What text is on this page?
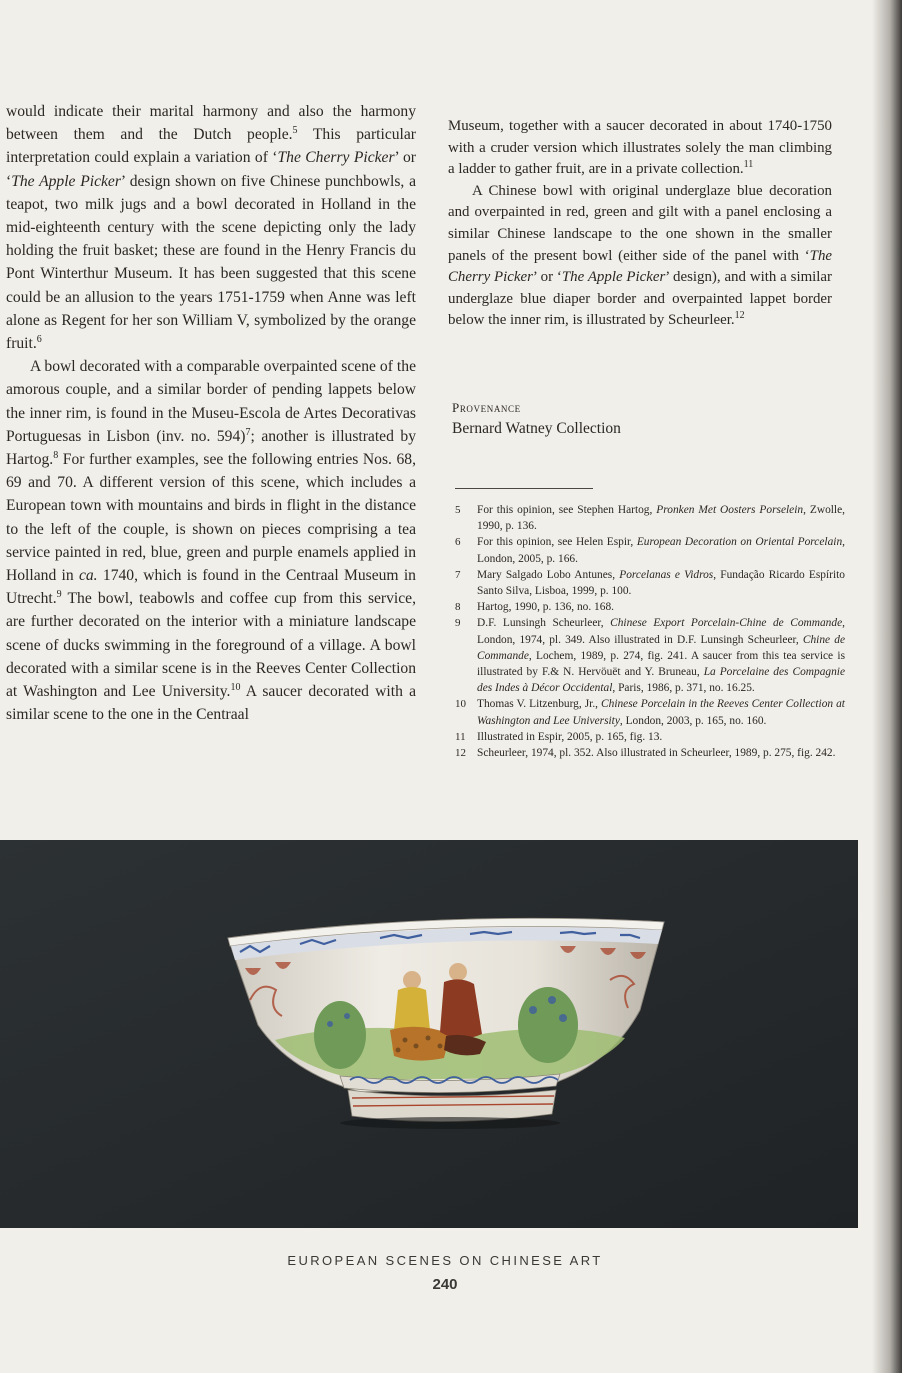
would indicate their marital harmony and also the harmony between them and the Dutch people.$^5$ This particular interpretation could explain a variation of ‘The Cherry Picker’ or ‘The Apple Picker’ design shown on five Chinese punchbowls, a teapot, two milk jugs and a bowl decorated in Holland in the mid-eighteenth century with the scene depicting only the lady holding the fruit basket; these are found in the Henry Francis du Pont Winterthur Museum. It has been suggested that this scene could be an allusion to the years 1751-1759 when Anne was left alone as Regent for her son William V, symbolized by the orange fruit.$^6$

A bowl decorated with a comparable overpainted scene of the amorous couple, and a similar border of pending lappets below the inner rim, is found in the Museu-Escola de Artes Decorativas Portuguesas in Lisbon (inv. no. 594)$^7$; another is illustrated by Hartog.$^8$ For further examples, see the following entries Nos. 68, 69 and 70. A different version of this scene, which includes a European town with mountains and birds in flight in the distance to the left of the couple, is shown on pieces comprising a tea service painted in red, blue, green and purple enamels applied in Holland in ca. 1740, which is found in the Centraal Museum in Utrecht.$^9$ The bowl, teabowls and coffee cup from this service, are further decorated on the interior with a miniature landscape scene of ducks swimming in the foreground of a village. A bowl decorated with a similar scene is in the Reeves Center Collection at Washington and Lee University.$^{10}$ A saucer decorated with a similar scene to the one in the Centraal

Museum, together with a saucer decorated in about 1740-1750 with a cruder version which illustrates solely the man climbing a ladder to gather fruit, are in a private collection.$^{11}$

A Chinese bowl with original underglaze blue decoration and overpainted in red, green and gilt with a panel enclosing a similar Chinese landscape to the one shown in the smaller panels of the present bowl (either side of the panel with ‘The Cherry Picker’ or ‘The Apple Picker’ design), and with a similar underglaze blue diaper border and overpainted lappet border below the inner rim, is illustrated by Scheurleer.$^{12}$

Provenance
Bernard Watney Collection
5	For this opinion, see Stephen Hartog, Pronken Met Oosters Porselein, Zwolle, 1990, p. 136.
6	For this opinion, see Helen Espir, European Decoration on Oriental Porcelain, London, 2005, p. 166.
7	Mary Salgado Lobo Antunes, Porcelanas e Vidros, Fundação Ricardo Espírito Santo Silva, Lisboa, 1999, p. 100.
8	Hartog, 1990, p. 136, no. 168.
9	D.F. Lunsingh Scheurleer, Chinese Export Porcelain-Chine de Commande, London, 1974, pl. 349. Also illustrated in D.F. Lunsingh Scheurleer, Chine de Commande, Lochem, 1989, p. 274, fig. 241. A saucer from this tea service is illustrated by F.& N. Hervöuët and Y. Bruneau, La Porcelaine des Compagnie des Indes à Décor Occidental, Paris, 1986, p. 371, no. 16.25.
10 Thomas V. Litzenburg, Jr., Chinese Porcelain in the Reeves Center Collection at Washington and Lee University, London, 2003, p. 165, no. 160.
11	Illustrated in Espir, 2005, p. 165, fig. 13.
12 Scheurleer, 1974, pl. 352. Also illustrated in Scheurleer, 1989, p. 275, fig. 242.
EUROPEAN SCENES ON CHINESE ART
240
